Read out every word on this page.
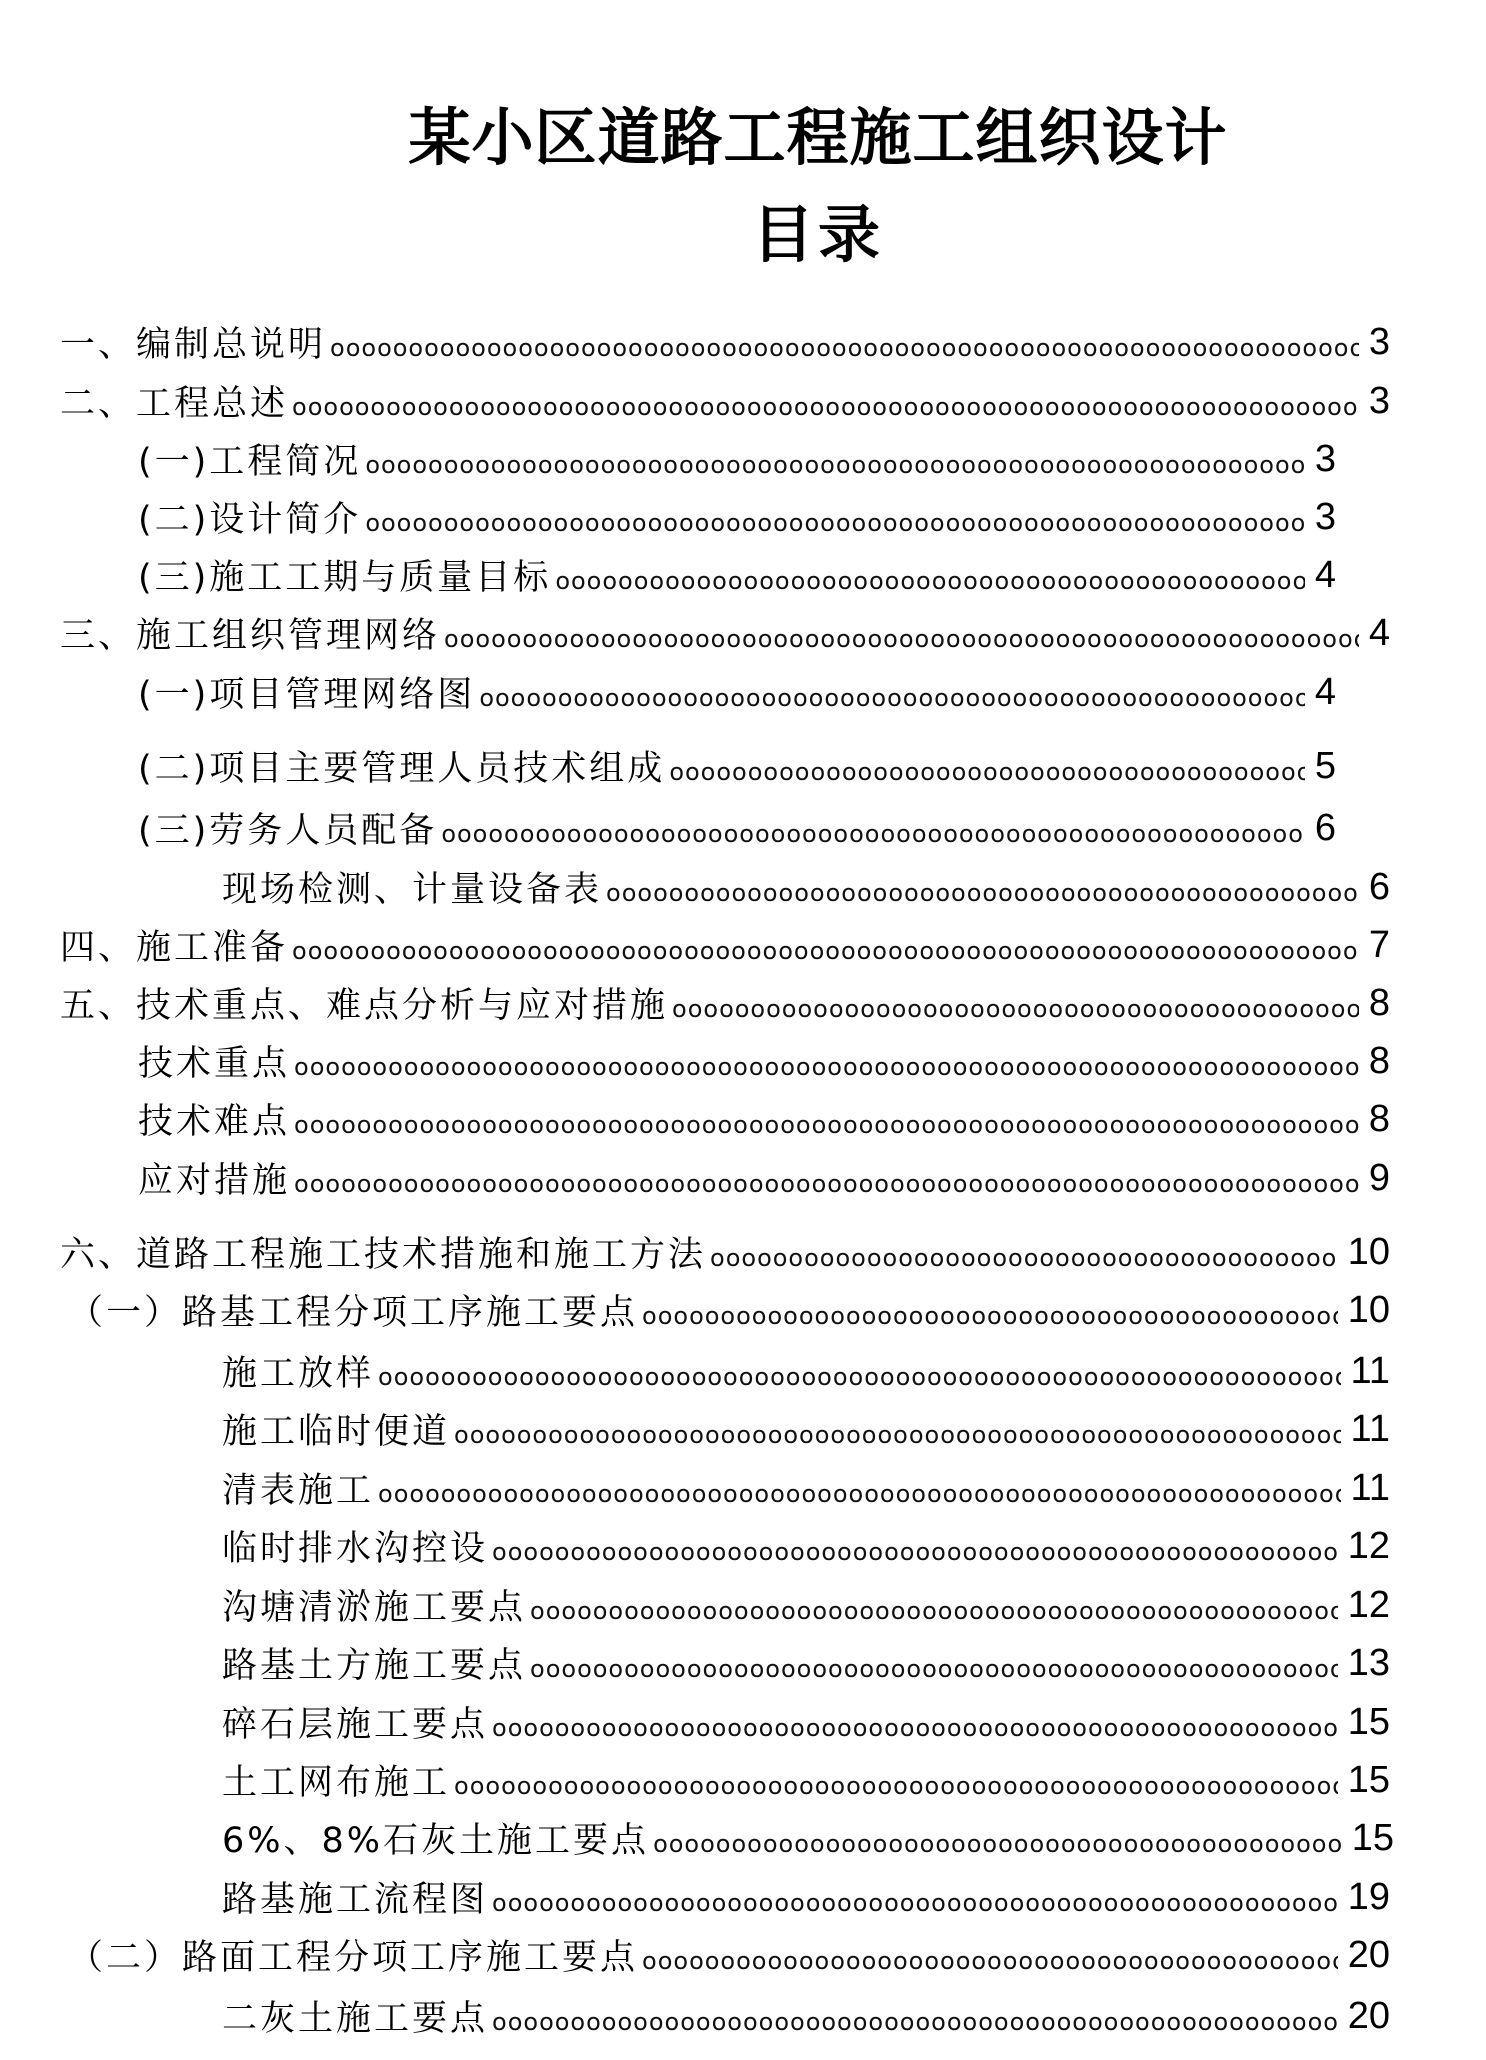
某小区道路工程施工组织设计
目录
一、编制总说明 ooooooooooooooooooooooooooooooooooooooooooooooooooooooooooooooooooooooooooooooooooooooooooooooooooooooooooooooooooooo	3
二、工程总述 ooooooooooooooooooooooooooooooooooooooooooooooooooooooooooooooooooooooooooooooooooooooooooooooooooooooooooooooooooooo	3
(一)工程简况 ooooooooooooooooooooooooooooooooooooooooooooooooooooooooooooooooooooooooooooooooooooooooooooooooooooooooooooooooooooo	3
(二)设计简介 ooooooooooooooooooooooooooooooooooooooooooooooooooooooooooooooooooooooooooooooooooooooooooooooooooooooooooooooooooooo	3
(三)施工工期与质量目标 ooooooooooooooooooooooooooooooooooooooooooooooooooooooooooooooooooooooooooooooooooooooooooooooooooooooooooooooooooooo	4
三、施工组织管理网络 ooooooooooooooooooooooooooooooooooooooooooooooooooooooooooooooooooooooooooooooooooooooooooooooooooooooooooooooooooooo	4
(一)项目管理网络图 ooooooooooooooooooooooooooooooooooooooooooooooooooooooooooooooooooooooooooooooooooooooooooooooooooooooooooooooooooooo	4
(二)项目主要管理人员技术组成 ooooooooooooooooooooooooooooooooooooooooooooooooooooooooooooooooooooooooooooooooooooooooooooooooooooooooooooooooooooo	5
(三)劳务人员配备 ooooooooooooooooooooooooooooooooooooooooooooooooooooooooooooooooooooooooooooooooooooooooooooooooooooooooooooooooooooo	6
现场检测、计量设备表 ooooooooooooooooooooooooooooooooooooooooooooooooooooooooooooooooooooooooooooooooooooooooooooooooooooooooooooooooooooo	6
四、施工准备 ooooooooooooooooooooooooooooooooooooooooooooooooooooooooooooooooooooooooooooooooooooooooooooooooooooooooooooooooooooo	7
五、技术重点、难点分析与应对措施 ooooooooooooooooooooooooooooooooooooooooooooooooooooooooooooooooooooooooooooooooooooooooooooooooooooooooooooooooooooo	8
技术重点 ooooooooooooooooooooooooooooooooooooooooooooooooooooooooooooooooooooooooooooooooooooooooooooooooooooooooooooooooooooo	8
技术难点 ooooooooooooooooooooooooooooooooooooooooooooooooooooooooooooooooooooooooooooooooooooooooooooooooooooooooooooooooooooo	8
应对措施 ooooooooooooooooooooooooooooooooooooooooooooooooooooooooooooooooooooooooooooooooooooooooooooooooooooooooooooooooooooo	9
六、道路工程施工技术措施和施工方法 ooooooooooooooooooooooooooooooooooooooooooooooooooooooooooooooooooooooooooooooooooooooooooooooooooooooooooooooooooooo	10
（一）路基工程分项工序施工要点 ooooooooooooooooooooooooooooooooooooooooooooooooooooooooooooooooooooooooooooooooooooooooooooooooooooooooooooooooooooo	10
施工放样 ooooooooooooooooooooooooooooooooooooooooooooooooooooooooooooooooooooooooooooooooooooooooooooooooooooooooooooooooooooo	11
施工临时便道 ooooooooooooooooooooooooooooooooooooooooooooooooooooooooooooooooooooooooooooooooooooooooooooooooooooooooooooooooooooo	11
清表施工 ooooooooooooooooooooooooooooooooooooooooooooooooooooooooooooooooooooooooooooooooooooooooooooooooooooooooooooooooooooo	11
临时排水沟控设 ooooooooooooooooooooooooooooooooooooooooooooooooooooooooooooooooooooooooooooooooooooooooooooooooooooooooooooooooooooo	12
沟塘清淤施工要点 ooooooooooooooooooooooooooooooooooooooooooooooooooooooooooooooooooooooooooooooooooooooooooooooooooooooooooooooooooooo	12
路基土方施工要点 ooooooooooooooooooooooooooooooooooooooooooooooooooooooooooooooooooooooooooooooooooooooooooooooooooooooooooooooooooooo	13
碎石层施工要点 ooooooooooooooooooooooooooooooooooooooooooooooooooooooooooooooooooooooooooooooooooooooooooooooooooooooooooooooooooooo	15
土工网布施工 ooooooooooooooooooooooooooooooooooooooooooooooooooooooooooooooooooooooooooooooooooooooooooooooooooooooooooooooooooooo	15
6%、8%石灰土施工要点 ooooooooooooooooooooooooooooooooooooooooooooooooooooooooooooooooooooooooooooooooooooooooooooooooooooooooooooooooooooo	15
路基施工流程图 ooooooooooooooooooooooooooooooooooooooooooooooooooooooooooooooooooooooooooooooooooooooooooooooooooooooooooooooooooooo	19
（二）路面工程分项工序施工要点 ooooooooooooooooooooooooooooooooooooooooooooooooooooooooooooooooooooooooooooooooooooooooooooooooooooooooooooooooooooo	20
二灰土施工要点 ooooooooooooooooooooooooooooooooooooooooooooooooooooooooooooooooooooooooooooooooooooooooooooooooooooooooooooooooooooo	20
